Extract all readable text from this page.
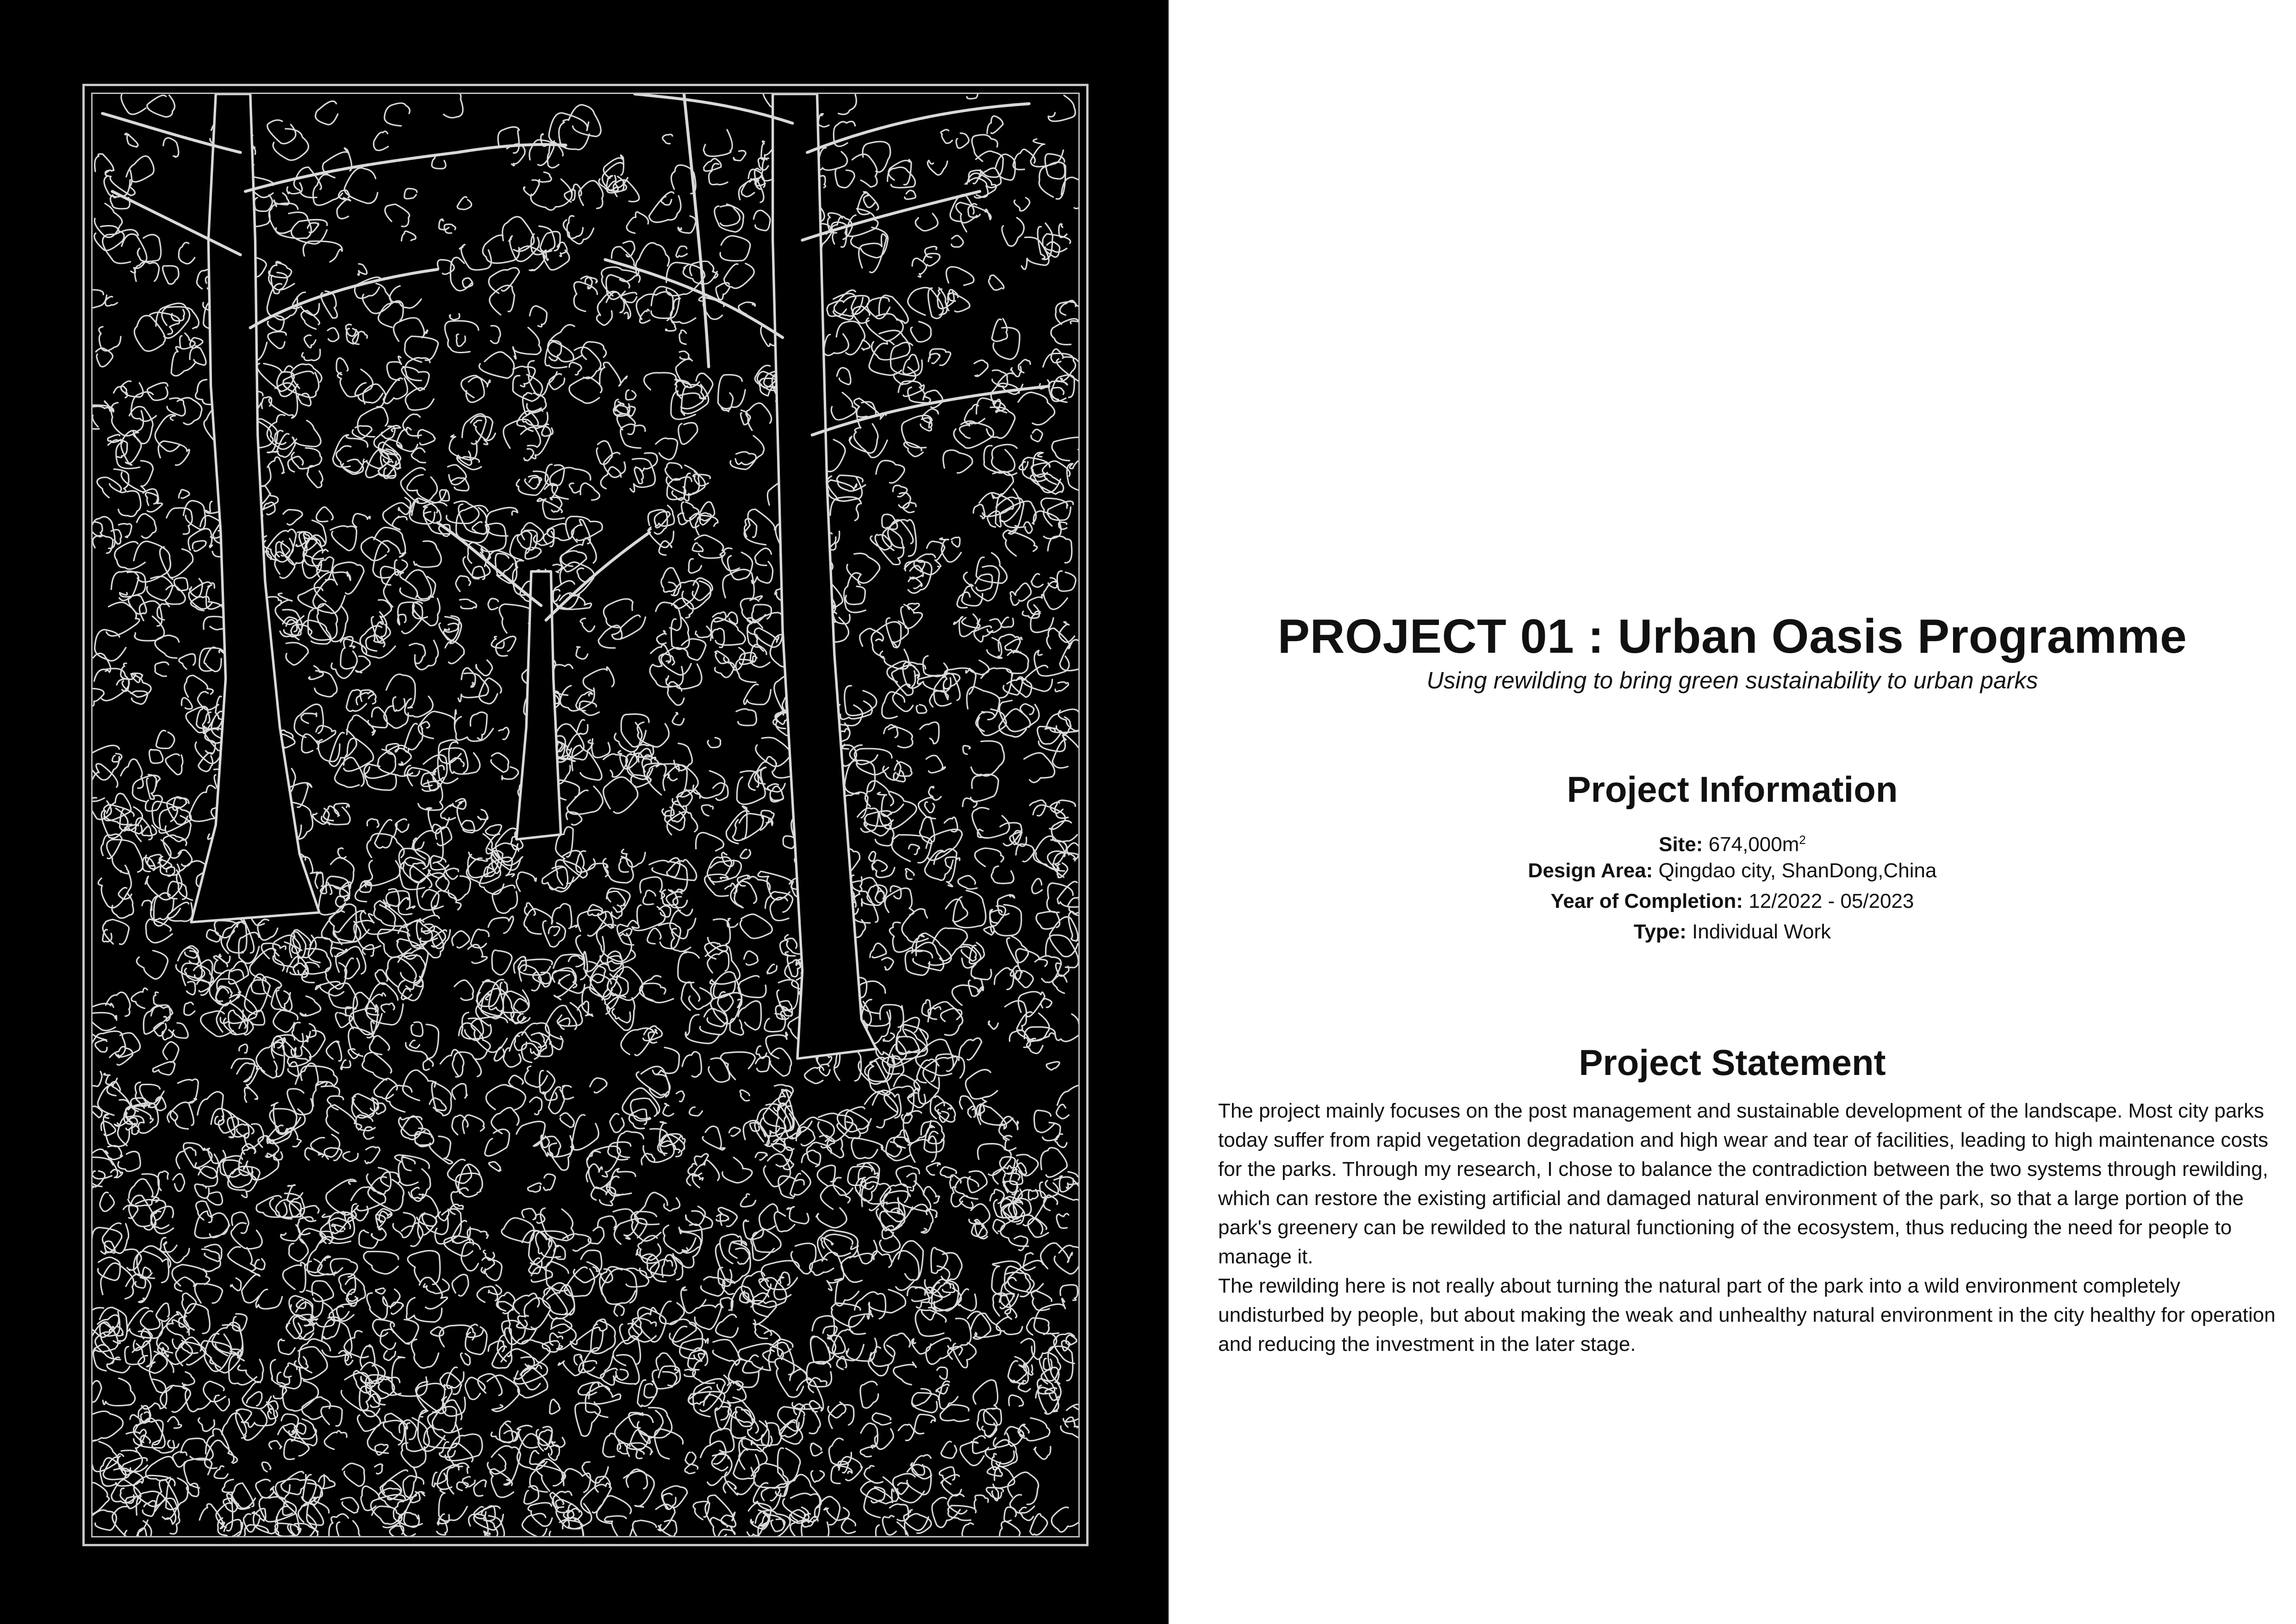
PROJECT 01 : Urban Oasis Programme
Using rewilding to bring green sustainability to urban parks
Project Information
Site: $674,000m^2$
Design Area: Qingdao city, ShanDong,China
Year of Completion: 12/2022 - 05/2023
Type: Individual Work
Project Statement

The project mainly focuses on the post management and sustainable development of the landscape. Most city parks today suffer from rapid vegetation degradation and high wear and tear of facilities, leading to high maintenance costs for the parks. Through my research, I chose to balance the contradiction between the two systems through rewilding, which can restore the existing artificial and damaged natural environment of the park, so that a large portion of the park's greenery can be rewilded to the natural functioning of the ecosystem, thus reducing the need for people to manage it.

The rewilding here is not really about turning the natural part of the park into a wild environment completely undisturbed by people, but about making the weak and unhealthy natural environment in the city healthy for operation and reducing the investment in the later stage.
